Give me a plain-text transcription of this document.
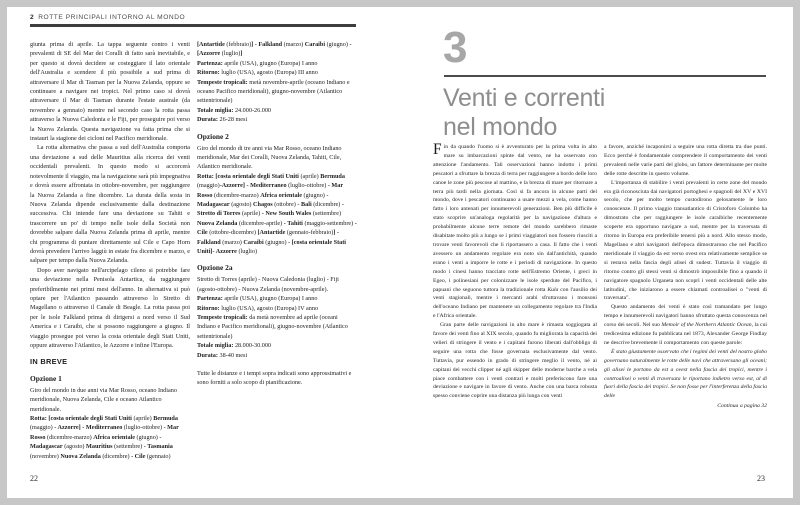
2 ROTTE PRINCIPALI INTORNO AL MONDO

giunta prima di aprile. La tappa seguente contro i venti prevalenti di SE del Mar dei Coralli di fatto sarà inevitabile, e per questo si dovrà decidere se costeggiare il lato orientale dell'Australia e scendere il più possibile a sud prima di attraversare il Mar di Tasman per la Nuova Zelanda, oppure se continuare a navigare nei tropici. Nel primo caso si dovrà attraversare il Mar di Tasman durante l'estate australe (da novembre a gennaio) mentre nel secondo caso la rotta passa attraverso la Nuova Caledonia e le Fiji, per proseguire poi verso la Nuova Zelanda. Questa navigazione va fatta prima che si instauri la stagione dei cicloni nel Pacifico meridionale.

La rotta alternativa che passa a sud dell'Australia comporta una deviazione a sud delle Mauritius alla ricerca dei venti occidentali prevalenti. In questo modo si accorcerà notevolmente il viaggio, ma la navigazione sarà più impegnativa e dovrà essere affrontata in ottobre-novembre, per raggiungere la Nuova Zelanda a fine dicembre. La durata della sosta in Nuova Zelanda dipende esclusivamente dalla destinazione successiva. Chi intende fare una deviazione su Tahiti e trascorrere un po' di tempo nelle isole della Società non dovrebbe salpare dalla Nuova Zelanda prima di aprile, mentre chi programma di puntare direttamente sul Cile e Capo Horn dovrà prevedere l'arrivo laggiù in estate fra dicembre e marzo, e salpare per tempo dalla Nuova Zelanda.

Dopo aver navigato nell'arcipelago cileno si potrebbe fare una deviazione nella Penisola Antartica, da raggiungere preferibilmente nei primi mesi dell'anno. In alternativa si può optare per l'Atlantico passando attraverso lo Stretto di Magellano o attraverso il Canale di Beagle. La rotta passa poi per le isole Falkland prima di dirigersi a nord verso il Sud America e i Caraibi, che si possono raggiungere a giugno. Il viaggio prosegue poi verso la costa orientale degli Stati Uniti, oppure attraverso l'Atlantico, le Azzorre e infine l'Europa.

IN BREVE
Opzione 1

Giro del mondo in due anni via Mar Rosso, oceano Indiano meridionale, Nuova Zelanda, Cile e oceano Atlantico meridionale.

Rotta: [costa orientale degli Stati Uniti (aprile) Bermuda (maggio) - Azzorre] - Mediterraneo (luglio-ottobre) - Mar Rosso (dicembre-marzo) Africa orientale (giugno) - Madagascar (agosto) Mauritius (settembre) - Tasmania (novembre) Nuova Zelanda (dicembre) - Cile (gennaio)

[Antartide (febbraio)] - Falkland (marzo) Caraibi (giugno) - [Azzorre (luglio)]

Partenza: aprile (USA), giugno (Europa) I anno

Ritorno: luglio (USA), agosto (Europa) III anno

Tempeste tropicali: metà novembre-aprile (oceano Indiano e oceano Pacifico meridionali), giugno-novembre (Atlantico settentrionale)

Totale miglia: 24.000-26.000

Durata: 26-28 mesi

Opzione 2

Giro del mondo di tre anni via Mar Rosso, oceano Indiano meridionale, Mar dei Coralli, Nuova Zelanda, Tahiti, Cile, Atlantico meridionale.

Rotta: [costa orientale degli Stati Uniti (aprile) Bermuda (maggio)-Azzorre] - Mediterraneo (luglio-ottobre) - Mar Rosso (dicembre-marzo) Africa orientale (giugno) - Madagascar (agosto) Chagos (ottobre) - Bali (dicembre) - Stretto di Torres (aprile) - New South Wales (settembre) Nuova Zelanda (dicembre-aprile) - Tahiti (maggio-settembre) - Cile (ottobre-dicembre) [Antartide (gennaio-febbraio)] - Falkland (marzo) Caraibi (giugno) - [costa orientale Stati Uniti]- Azzorre (luglio)

Opzione 2a

Stretto di Torres (aprile) - Nuova Caledonia (luglio) - Fiji (agosto-ottobre) - Nuova Zelanda (novembre-aprile).

Partenza: aprile (USA), giugno (Europa) I anno

Ritorno: luglio (USA), agosto (Europa) IV anno

Tempeste tropicali: da metà novembre ad aprile (oceani Indiano e Pacifico meridionali), giugno-novembre (Atlantico settentrionale)

Totale miglia: 28.000-30.000

Durata: 38-40 mesi

Tutte le distanze e i tempi sopra indicati sono approssimativi e sono forniti a solo scopo di pianificazione.

22
3
Venti e correnti
nel mondo

Fin da quando l'uomo si è avventurato per la prima volta in alto mare su imbarcazioni spinte dal vento, ne ha osservato con attenzione l'andamento. Tali osservazioni hanno indotto i primi pescatori a sfruttare la brezza di terra per raggiungere a bordo delle loro canoe le zone più pescose al mattino, e la brezza di mare per ritornare a terra più tardi nella giornata. Così si fa ancora in alcune parti del mondo, dove i pescatori continuano a usare mezzi a vela, come hanno fatto i loro antenati per innumerevoli generazioni. Ben più difficile è stato scoprire un'analoga regolarità per la navigazione d'altura e probabilmente alcune terre remote del mondo sarebbero rimaste disabitate molto più a lungo se i primi viaggiatori non fossero riusciti a trovare venti favorevoli che li riportassero a casa. Il fatto che i venti avessero un andamento regolare era noto sin dall'antichità, quando erano i venti a imporre le rotte e i periodi di navigazione. In questo modo i cinesi hanno tracciato rotte nell'Estremo Oriente, i greci in Egeo, i polinesiani per colonizzare le isole sperdute del Pacifico, i papuani che seguono tuttora la tradizionale rotta Kula con l'ausilio dei venti stagionali, mentre i mercanti arabi sfruttavano i monsoni dell'oceano Indiano per mantenere un collegamento regolare tra l'India e l'Africa orientale.

Gran parte delle navigazioni in alto mare è rimasta soggiogata al favore dei venti fino al XIX secolo, quando fu migliorata la capacità dei velieri di stringere il vento e i capitani furono liberati dall'obbligo di seguire una rotta che fosse governata esclusivamente dal vento. Tuttavia, pur essendo in grado di stringere meglio il vento, né ai capitani dei vecchi clipper né agli skipper delle moderne barche a vela piace combattere con i venti contrari e molti preferiscono fare una deviazione e navigare in favore di vento. Anche con una barca robusta spesso conviene coprire una distanza più lunga con venti

a favore, anziché incaponirsi a seguire una rotta diretta tra due punti. Ecco perché è fondamentale comprendere il comportamento dei venti prevalenti nelle varie parti del globo, un fattore determinante per molte delle rotte descritte in questo volume.

L'importanza di stabilire i venti prevalenti in certe zone del mondo era già riconosciuta dai navigatori portoghesi e spagnoli del XV e XVI secolo, che per molto tempo custodirono gelosamente le loro conoscenze. Il primo viaggio transatlantico di Cristoforo Colombo ha dimostrato che per raggiungere le isole caraibiche recentemente scoperte era opportuno navigare a sud, mentre per la traversata di ritorno in Europa era preferibile tenersi più a nord. Allo stesso modo, Magellano e altri navigatori dell'epoca dimostrarono che nel Pacifico meridionale il viaggio da est verso ovest era relativamente semplice se si restava nella fascia degli alisei di sudest. Tuttavia il viaggio di ritorno contro gli stessi venti si dimostrò impossibile fino a quando il navigatore spagnolo Urganeta non scoprì i venti occidentali delle alte latitudini, che iniziarono a essere chiamati controalisei o "venti di traversata".

Questo andamento dei venti è stato così tramandato per lungo tempo e innumerevoli navigatori hanno sfruttato questa conoscenza nel corso dei secoli. Nel suo Memoir of the Northern Atlantic Ocean, la cui tredicesima edizione fu pubblicata nel 1873, Alexander George Findlay ne descrive brevemente il comportamento con queste parole:

È stato giustamente osservato che i regimi dei venti del nostro globo governano naturalmente le rotte delle navi che attraversano gli oceani; gli alisei le portano da est a ovest nella fascia dei tropici, mentre i controalisei o venti di traversata le riportano indietro verso est, al di fuori della fascia dei tropici. Se non fosse per l'interferenza della fascia delle

Continua a pagina 32

23
